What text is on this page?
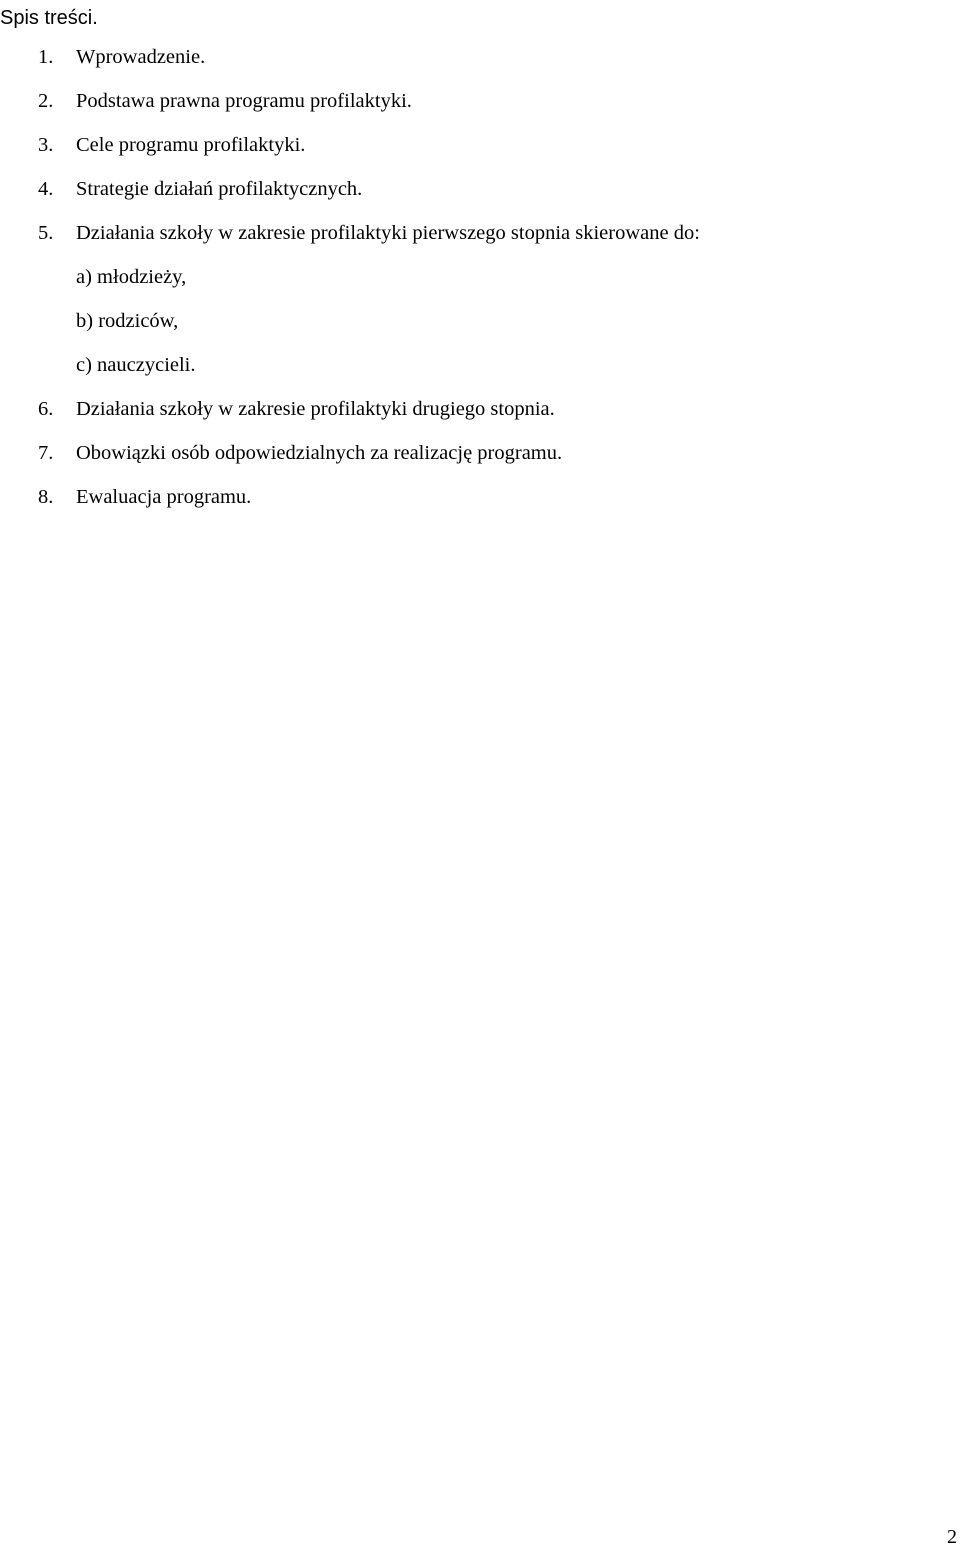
Spis treści.
1. Wprowadzenie.
2. Podstawa prawna programu profilaktyki.
3. Cele programu profilaktyki.
4. Strategie działań profilaktycznych.
5. Działania szkoły w zakresie profilaktyki pierwszego stopnia skierowane do:
a) młodzieży,
b) rodziców,
c) nauczycieli.
6. Działania szkoły w zakresie profilaktyki drugiego stopnia.
7. Obowiązki osób odpowiedzialnych za realizację programu.
8. Ewaluacja programu.
2
